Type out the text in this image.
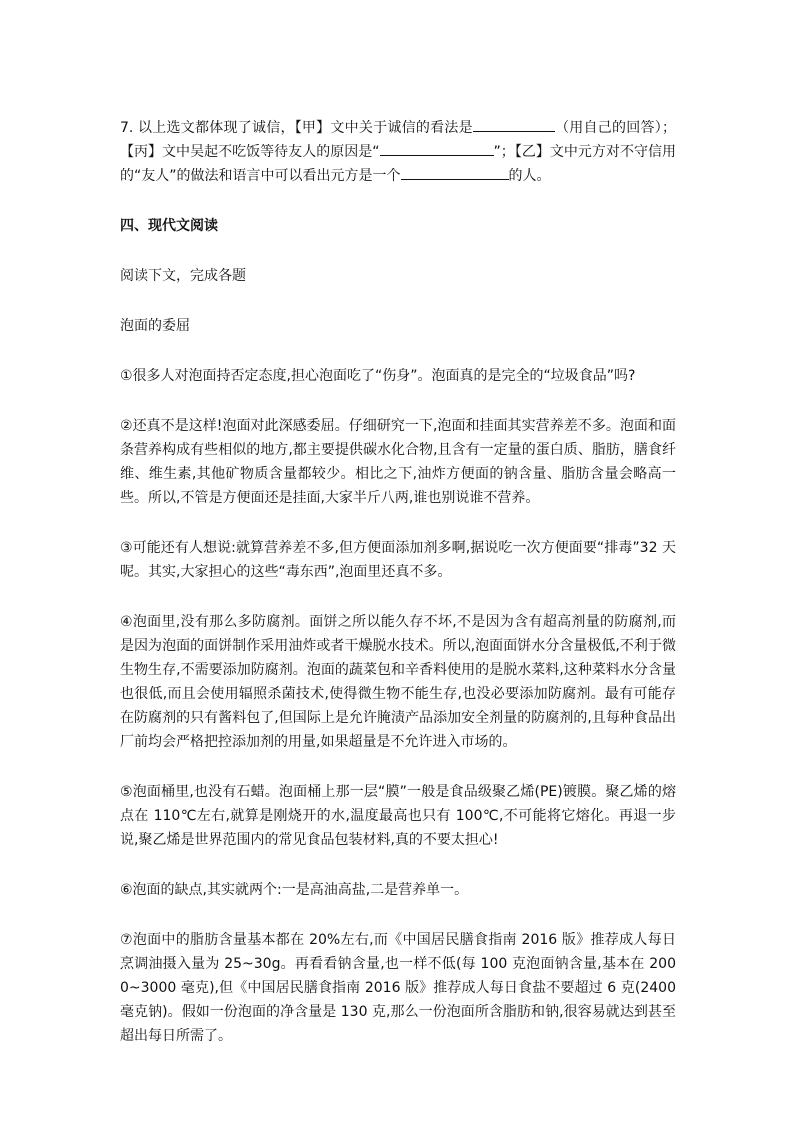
7. 以上选文都体现了诚信，【甲】文中关于诚信的看法是	（用自己的回答）；【丙】文中吴起不吃饭等待友人的原因是“	”；【乙】文中元方对不守信用的“友人”的做法和语言中可以看出元方是一个	的人。

四、现代文阅读

阅读下文，完成各题

泡面的委屈

①很多人对泡面持否定态度,担心泡面吃了“伤身”。泡面真的是完全的“垃圾食品”吗?

②还真不是这样!泡面对此深感委屈。仔细研究一下,泡面和挂面其实营养差不多。泡面和面条营养构成有些相似的地方,都主要提供碳水化合物,且含有一定量的蛋白质、脂肪，膳食纤维、维生素,其他矿物质含量都较少。相比之下,油炸方便面的钠含量、脂肪含量会略高一些。所以,不管是方便面还是挂面,大家半斤八两,谁也别说谁不营养。

③可能还有人想说:就算营养差不多,但方便面添加剂多啊,据说吃一次方便面要“排毒”32 天呢。其实,大家担心的这些“毒东西”,泡面里还真不多。

④泡面里,没有那么多防腐剂。面饼之所以能久存不坏,不是因为含有超高剂量的防腐剂,而是因为泡面的面饼制作采用油炸或者干燥脱水技术。所以,泡面面饼水分含量极低,不利于微生物生存,不需要添加防腐剂。泡面的蔬菜包和辛香料使用的是脱水菜料,这种菜料水分含量也很低,而且会使用辐照杀菌技术,使得微生物不能生存,也没必要添加防腐剂。最有可能存在防腐剂的只有酱料包了,但国际上是允许腌渍产品添加安全剂量的防腐剂的,且每种食品出厂前均会严格把控添加剂的用量,如果超量是不允许进入市场的。

⑤泡面桶里,也没有石蜡。泡面桶上那一层“膜”一般是食品级聚乙烯(PE)镀膜。聚乙烯的熔点在 110℃左右,就算是刚烧开的水,温度最高也只有 100℃,不可能将它熔化。再退一步说,聚乙烯是世界范围内的常见食品包装材料,真的不要太担心!

⑥泡面的缺点,其实就两个:一是高油高盐,二是营养单一。

⑦泡面中的脂肪含量基本都在 20%左右,而《中国居民膳食指南 2016 版》推荐成人每日烹调油摄入量为 25~30g。再看看钠含量,也一样不低(每 100 克泡面钠含量,基本在 2000~3000 毫克),但《中国居民膳食指南 2016 版》推荐成人每日食盐不要超过 6 克(2400 毫克钠)。假如一份泡面的净含量是 130 克,那么一份泡面所含脂肪和钠,很容易就达到甚至超出每日所需了。
